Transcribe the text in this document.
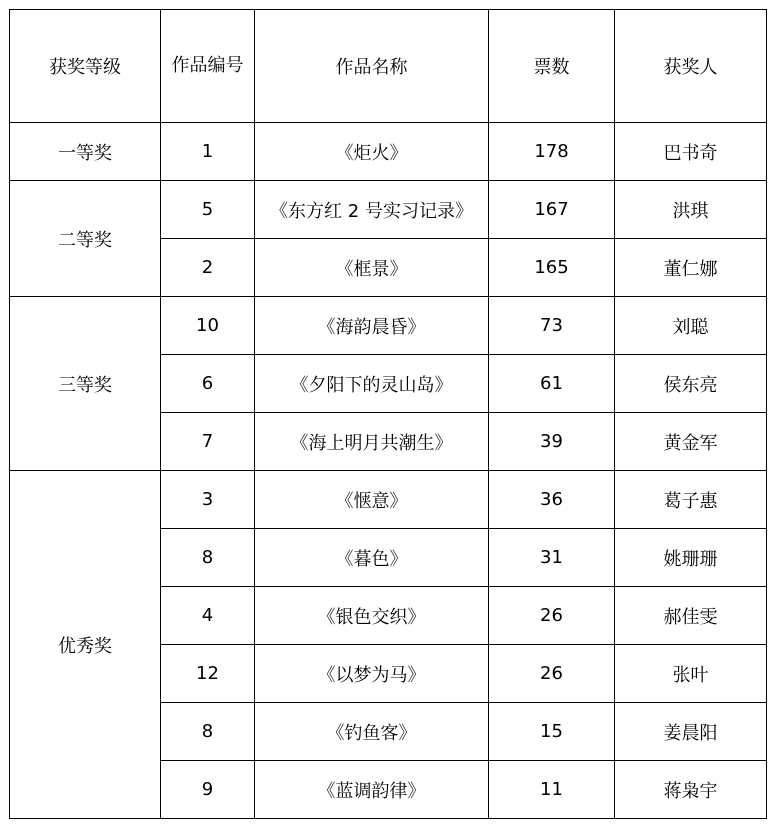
获奖等级	作品编号	作品名称	票数	获奖人
一等奖	1	《炬火》	178	巴书奇
二等奖	5	《东方红 2 号实习记录》	167	洪琪
	2	《框景》	165	董仁娜
三等奖	10	《海韵晨昏》	73	刘聪
	6	《夕阳下的灵山岛》	61	侯东亮
	7	《海上明月共潮生》	39	黄金军
优秀奖	3	《惬意》	36	葛子惠
	8	《暮色》	31	姚珊珊
	4	《银色交织》	26	郝佳雯
	12	《以梦为马》	26	张叶
	8	《钓鱼客》	15	姜晨阳
	9	《蓝调韵律》	11	蒋枭宇
